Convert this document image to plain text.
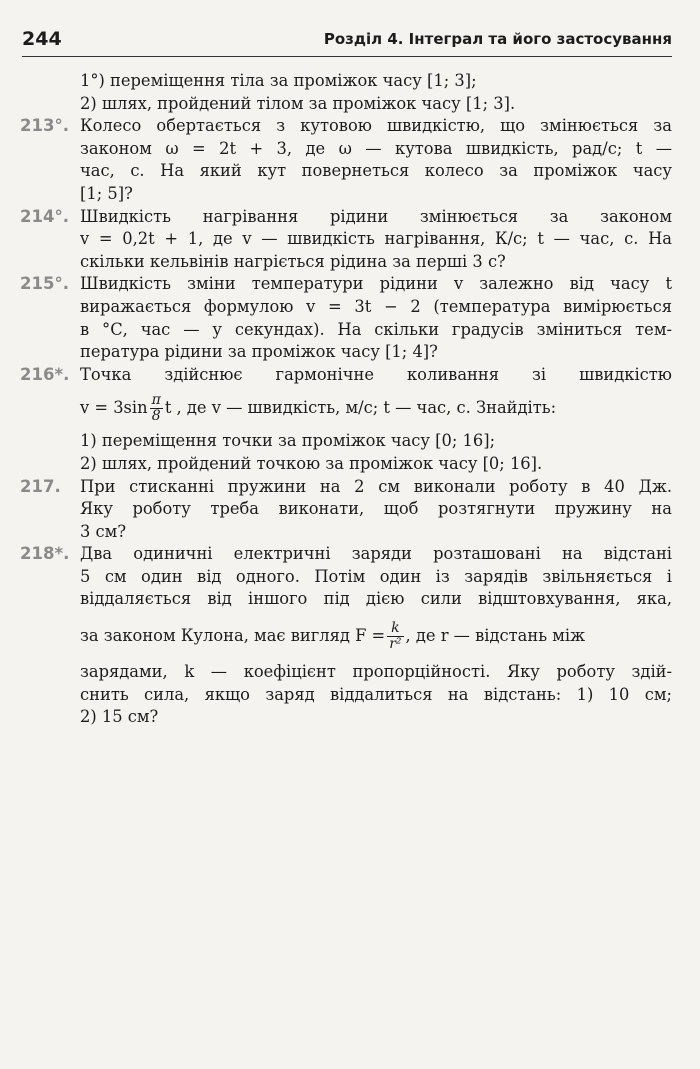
244	Розділ 4. Інтеграл та його застосування
1°) переміщення тіла за проміжок часу [1; 3];
2) шлях, пройдений тілом за проміжок часу [1; 3].
213°. Колесо обертається з кутовою швидкістю, що змінюється за
законом ω = 2t + 3, де ω — кутова швидкість, рад/с; t —
час, с. На який кут повернеться колесо за проміжок часу
[1; 5]?
214°. Швидкість нагрівання рідини змінюється за законом
v = 0,2t + 1, де v — швидкість нагрівання, К/с; t — час, с. На
скільки кельвінів нагріється рідина за перші 3 с?
215°. Швидкість зміни температури рідини v залежно від часу t
виражається формулою v = 3t − 2 (температура вимірюється
в °С, час — у секундах). На скільки градусів зміниться тем-
пература рідини за проміжок часу [1; 4]?
216*. Точка здійснює гармонічне коливання зі швидкістю
$v = 3\sin \frac{\pi}{8}$ t , де v — швидкість, м/с; t — час, с. Знайдіть:
1) переміщення точки за проміжок часу [0; 16];
2) шлях, пройдений точкою за проміжок часу [0; 16].
217.	При стисканні пружини на 2 см виконали роботу в 40 Дж.
Яку роботу треба виконати, щоб розтягнути пружину на
3 см?
218*. Два одиничні електричні заряди розташовані на відстані
5 см один від одного. Потім один із зарядів звільняється і
віддаляється від іншого під дією сили відштовхування, яка,
за законом Кулона, має вигляд $F = \frac{k}{\text{r²}}$ , де r — відстань між
зарядами, k — коефіцієнт пропорційності. Яку роботу здій-
снить сила, якщо заряд віддалиться на відстань: 1) 10 см;
2) 15 см?
